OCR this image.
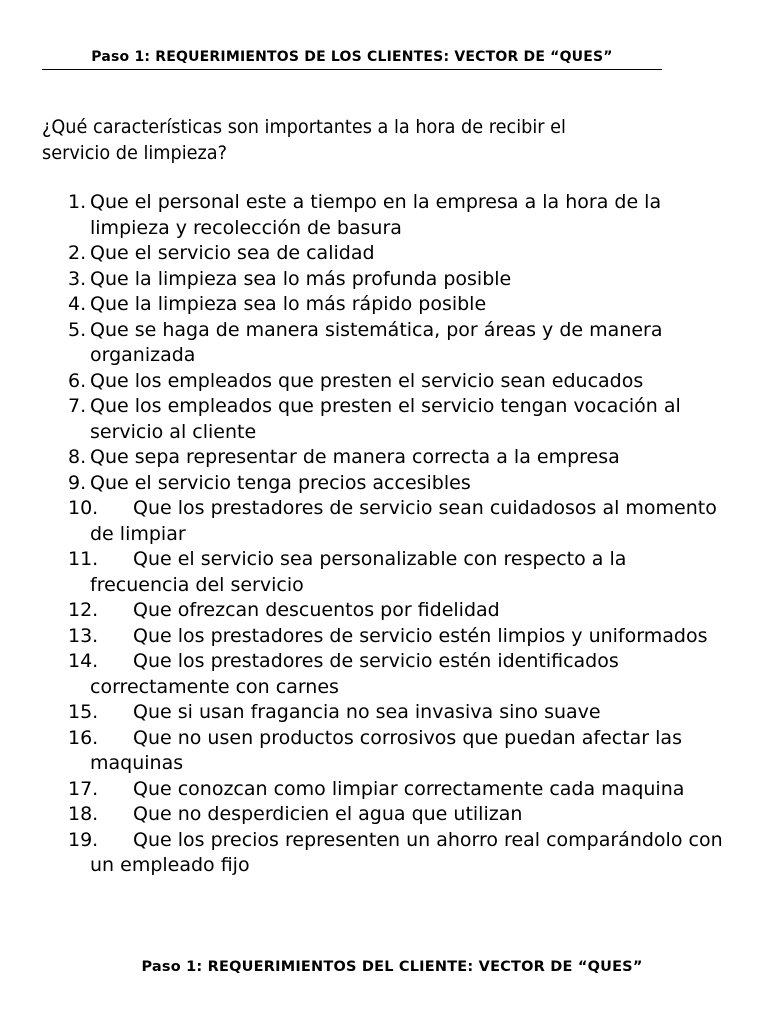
Paso 1: REQUERIMIENTOS DE LOS CLIENTES: VECTOR DE “QUES”
¿Qué características son importantes a la hora de recibir el servicio de limpieza?
1. Que el personal este a tiempo en la empresa a la hora de la limpieza y recolección de basura
2. Que el servicio sea de calidad
3. Que la limpieza sea lo más profunda posible
4. Que la limpieza sea lo más rápido posible
5. Que se haga de manera sistemática, por áreas y de manera organizada
6. Que los empleados que presten el servicio sean educados
7. Que los empleados que presten el servicio tengan vocación al servicio al cliente
8. Que sepa representar de manera correcta a la empresa
9. Que el servicio tenga precios accesibles
10.	Que los prestadores de servicio sean cuidadosos al momento de limpiar
11.	Que el servicio sea personalizable con respecto a la frecuencia del servicio
12.	Que ofrezcan descuentos por fidelidad
13.	Que los prestadores de servicio estén limpios y uniformados
14.	Que los prestadores de servicio estén identificados correctamente con carnes
15.	Que si usan fragancia no sea invasiva sino suave
16.	Que no usen productos corrosivos que puedan afectar las maquinas
17.	Que conozcan como limpiar correctamente cada maquina
18.	Que no desperdicien el agua que utilizan
19.	Que los precios representen un ahorro real comparándolo con un empleado fijo
Paso 1: REQUERIMIENTOS DEL CLIENTE: VECTOR DE “QUES”
